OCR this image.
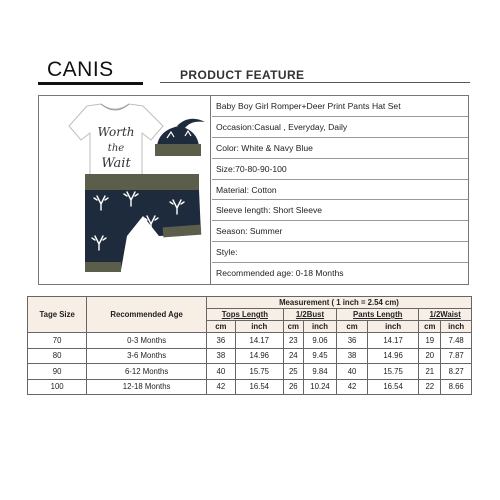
CANIS	PRODUCT FEATURE
Worth
the
Wait
Baby Boy Girl Romper+Deer Print Pants Hat Set
Occasion:Casual , Everyday, Daily
Color: White & Navy Blue
Size:70-80-90-100
Material: Cotton
Sleeve length: Short Sleeve
Season: Summer
Style:
Recommended age: 0-18 Months
Tage Size	Recommended Age	Measurement ( 1 inch = 2.54 cm)							
		Tops Length		1/2Bust		Pants Length		1/2Waist	
		cm	inch	cm	inch	cm	inch	cm	inch
70	0-3 Months	36	14.17	23	9.06	36	14.17	19	7.48
80	3-6 Months	38	14.96	24	9.45	38	14.96	20	7.87
90	6-12 Months	40	15.75	25	9.84	40	15.75	21	8.27
100	12-18 Months	42	16.54	26	10.24	42	16.54	22	8.66
